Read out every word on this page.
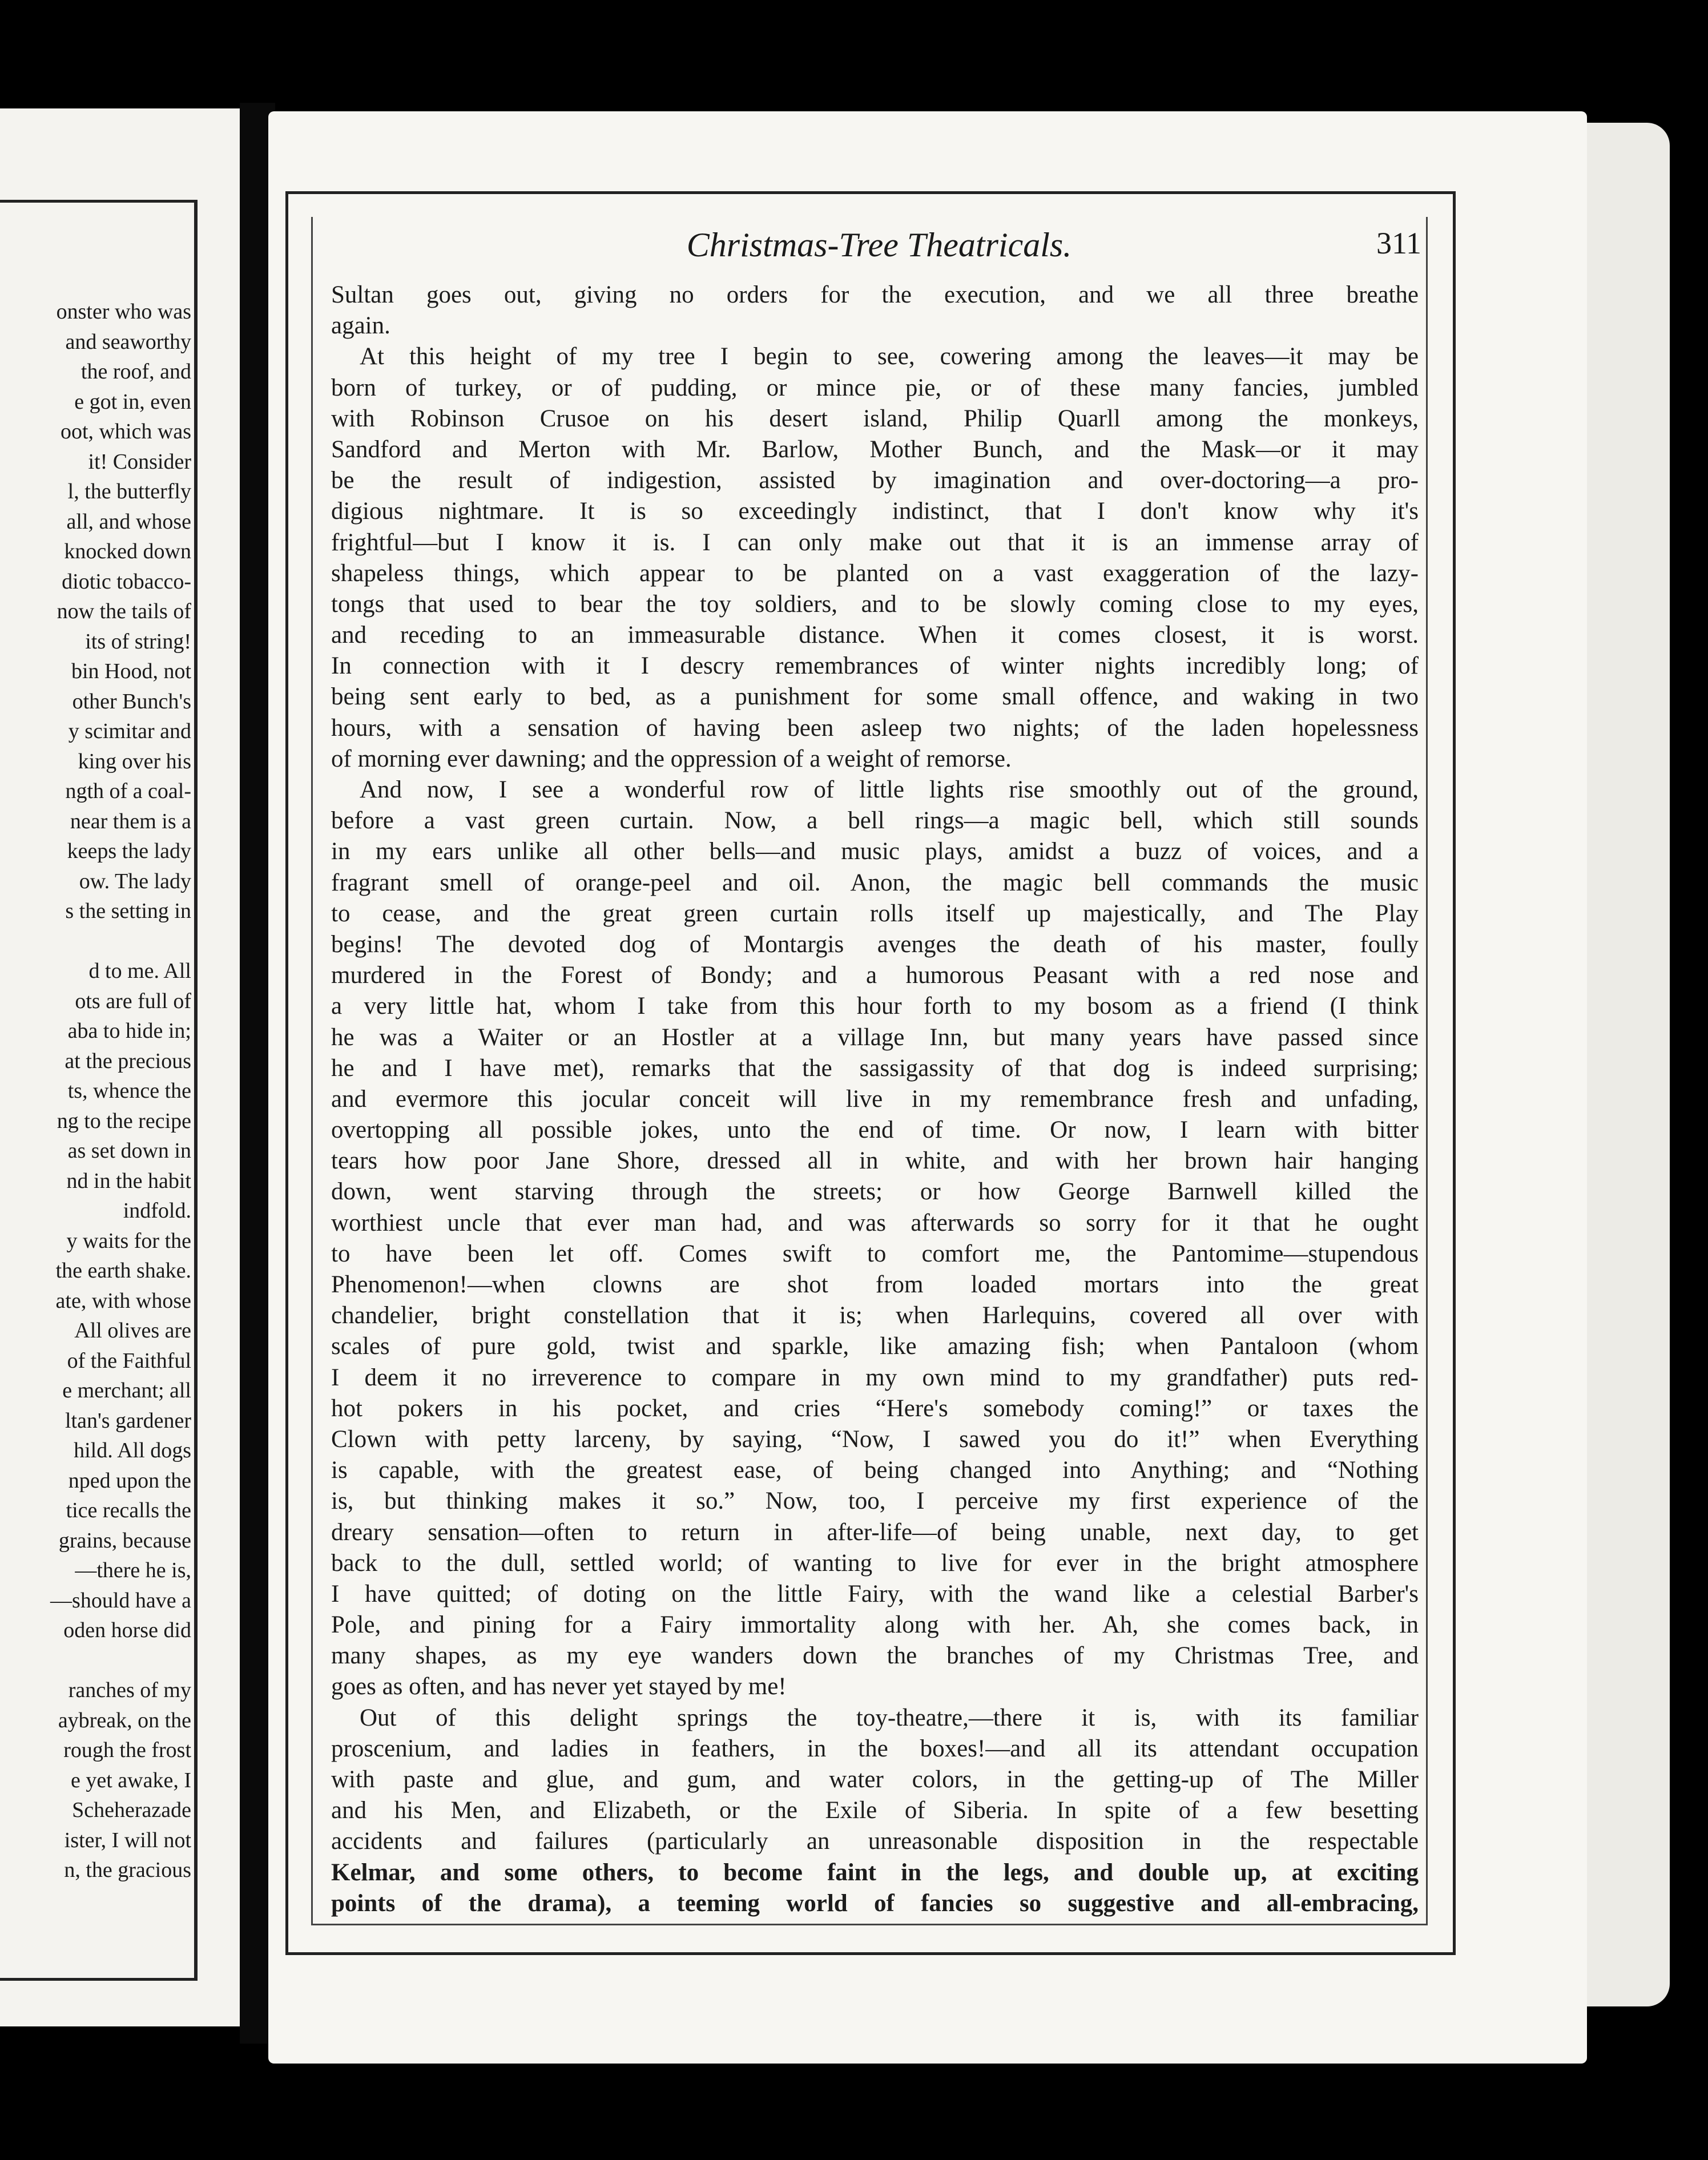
onster who was
and seaworthy
the roof, and
e got in, even
oot, which was
it! Consider
l, the butterfly
all, and whose
knocked down
diotic tobacco-
now the tails of
its of string!
bin Hood, not
other Bunch's
y scimitar and
king over his
ngth of a coal-
near them is a
keeps the lady
ow. The lady
s the setting in
d to me. All
ots are full of
aba to hide in;
at the precious
ts, whence the
ng to the recipe
as set down in
nd in the habit
indfold.
y waits for the
the earth shake.
ate, with whose
All olives are
of the Faithful
e merchant; all
ltan's gardener
hild. All dogs
nped upon the
tice recalls the
grains, because
—there he is,
—should have a
oden horse did
ranches of my
aybreak, on the
rough the frost
e yet awake, I
Scheherazade
ister, I will not
n, the gracious
Christmas-Tree Theatricals.	311
Sultan goes out, giving no orders for the execution, and we all three breathe
again.
At this height of my tree I begin to see, cowering among the leaves—it may be
born of turkey, or of pudding, or mince pie, or of these many fancies, jumbled
with Robinson Crusoe on his desert island, Philip Quarll among the monkeys,
Sandford and Merton with Mr. Barlow, Mother Bunch, and the Mask—or it may
be the result of indigestion, assisted by imagination and over-doctoring—a pro-
digious nightmare. It is so exceedingly indistinct, that I don't know why it's
frightful—but I know it is. I can only make out that it is an immense array of
shapeless things, which appear to be planted on a vast exaggeration of the lazy-
tongs that used to bear the toy soldiers, and to be slowly coming close to my eyes,
and receding to an immeasurable distance. When it comes closest, it is worst.
In connection with it I descry remembrances of winter nights incredibly long; of
being sent early to bed, as a punishment for some small offence, and waking in two
hours, with a sensation of having been asleep two nights; of the laden hopelessness
of morning ever dawning; and the oppression of a weight of remorse.
And now, I see a wonderful row of little lights rise smoothly out of the ground,
before a vast green curtain. Now, a bell rings—a magic bell, which still sounds
in my ears unlike all other bells—and music plays, amidst a buzz of voices, and a
fragrant smell of orange-peel and oil. Anon, the magic bell commands the music
to cease, and the great green curtain rolls itself up majestically, and The Play
begins! The devoted dog of Montargis avenges the death of his master, foully
murdered in the Forest of Bondy; and a humorous Peasant with a red nose and
a very little hat, whom I take from this hour forth to my bosom as a friend (I think
he was a Waiter or an Hostler at a village Inn, but many years have passed since
he and I have met), remarks that the sassigassity of that dog is indeed surprising;
and evermore this jocular conceit will live in my remembrance fresh and unfading,
overtopping all possible jokes, unto the end of time. Or now, I learn with bitter
tears how poor Jane Shore, dressed all in white, and with her brown hair hanging
down, went starving through the streets; or how George Barnwell killed the
worthiest uncle that ever man had, and was afterwards so sorry for it that he ought
to have been let off. Comes swift to comfort me, the Pantomime—stupendous
Phenomenon!—when clowns are shot from loaded mortars into the great
chandelier, bright constellation that it is; when Harlequins, covered all over with
scales of pure gold, twist and sparkle, like amazing fish; when Pantaloon (whom
I deem it no irreverence to compare in my own mind to my grandfather) puts red-
hot pokers in his pocket, and cries “Here's somebody coming!” or taxes the
Clown with petty larceny, by saying, “Now, I sawed you do it!” when Everything
is capable, with the greatest ease, of being changed into Anything; and “Nothing
is, but thinking makes it so.” Now, too, I perceive my first experience of the
dreary sensation—often to return in after-life—of being unable, next day, to get
back to the dull, settled world; of wanting to live for ever in the bright atmosphere
I have quitted; of doting on the little Fairy, with the wand like a celestial Barber's
Pole, and pining for a Fairy immortality along with her. Ah, she comes back, in
many shapes, as my eye wanders down the branches of my Christmas Tree, and
goes as often, and has never yet stayed by me!
Out of this delight springs the toy-theatre,—there it is, with its familiar
proscenium, and ladies in feathers, in the boxes!—and all its attendant occupation
with paste and glue, and gum, and water colors, in the getting-up of The Miller
and his Men, and Elizabeth, or the Exile of Siberia. In spite of a few besetting
accidents and failures (particularly an unreasonable disposition in the respectable
Kelmar, and some others, to become faint in the legs, and double up, at exciting
points of the drama), a teeming world of fancies so suggestive and all-embracing,
